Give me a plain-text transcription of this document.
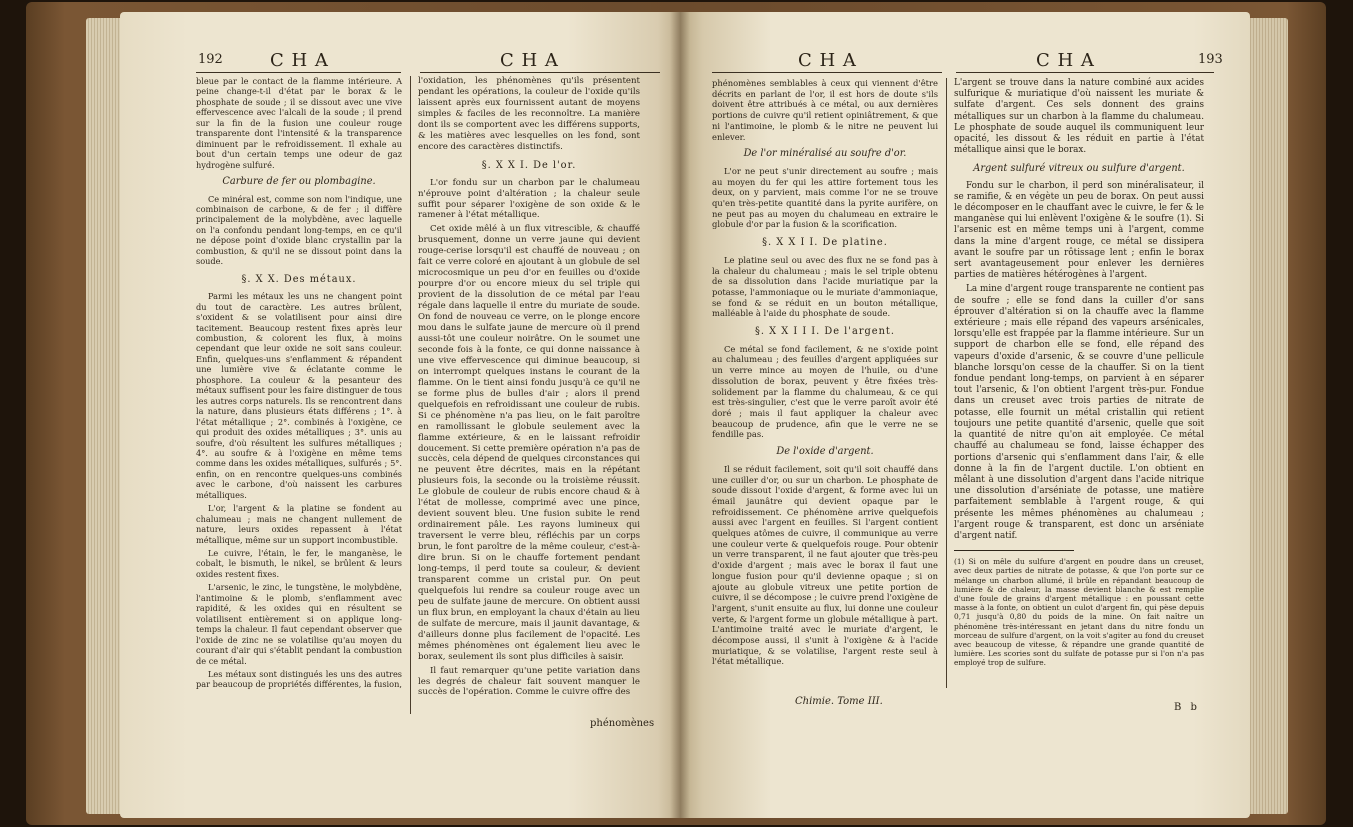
192	C H A	C H A

bleue par le contact de la flamme intérieure. A peine change-t-il d'état par le borax & le phosphate de soude ; il se dissout avec une vive effervescence avec l'alcali de la soude ; il prend sur la fin de la fusion une couleur rouge transparente dont l'intensité & la transparence diminuent par le refroidissement. Il exhale au bout d'un certain temps une odeur de gaz hydrogène sulfuré.

Carbure de fer ou plombagine.

Ce minéral est, comme son nom l'indique, une combinaison de carbone, & de fer ; il diffère principalement de la molybdène, avec laquelle on l'a confondu pendant long-temps, en ce qu'il ne dépose point d'oxide blanc crystallin par la combustion, & qu'il ne se dissout point dans la soude.

§. X X. Des métaux.

Parmi les métaux les uns ne changent point du tout de caractère. Les autres brûlent, s'oxident & se volatilisent pour ainsi dire tacitement. Beaucoup restent fixes après leur combustion, & colorent les flux, à moins cependant que leur oxide ne soit sans couleur. Enfin, quelques-uns s'enflamment & répandent une lumière vive & éclatante comme le phosphore. La couleur & la pesanteur des métaux suffisent pour les faire distinguer de tous les autres corps naturels. Ils se rencontrent dans la nature, dans plusieurs états différens ; 1°. à l'état métallique ; 2°. combinés à l'oxigène, ce qui produit des oxides métalliques ; 3°. unis au soufre, d'où résultent les sulfures métalliques ; 4°. au soufre & à l'oxigène en même tems comme dans les oxides métalliques, sulfurés ; 5°. enfin, on en rencontre quelques-uns combinés avec le carbone, d'où naissent les carbures métalliques.

L'or, l'argent & la platine se fondent au chalumeau ; mais ne changent nullement de nature, leurs oxides repassent à l'état métallique, même sur un support incombustible.

Le cuivre, l'étain, le fer, le manganèse, le cobalt, le bismuth, le nikel, se brûlent & leurs oxides restent fixes.

L'arsenic, le zinc, le tungstène, le molybdène, l'antimoine & le plomb, s'enflamment avec rapidité, & les oxides qui en résultent se volatilisent entièrement si on applique long-temps la chaleur. Il faut cependant observer que l'oxide de zinc ne se volatilise qu'au moyen du courant d'air qui s'établit pendant la combustion de ce métal.

Les métaux sont distingués les uns des autres par beaucoup de propriétés différentes, la fusion,

l'oxidation, les phénomènes qu'ils présentent pendant les opérations, la couleur de l'oxide qu'ils laissent après eux fournissent autant de moyens simples & faciles de les reconnoître. La manière dont ils se comportent avec les différens supports, & les matières avec lesquelles on les fond, sont encore des caractères distinctifs.

§. X X I. De l'or.

L'or fondu sur un charbon par le chalumeau n'éprouve point d'altération ; la chaleur seule suffit pour séparer l'oxigène de son oxide & le ramener à l'état métallique.

Cet oxide mêlé à un flux vitrescible, & chauffé brusquement, donne un verre jaune qui devient rouge-cerise lorsqu'il est chauffé de nouveau ; on fait ce verre coloré en ajoutant à un globule de sel microcosmique un peu d'or en feuilles ou d'oxide pourpre d'or ou encore mieux du sel triple qui provient de la dissolution de ce métal par l'eau régale dans laquelle il entre du muriate de soude. On fond de nouveau ce verre, on le plonge encore mou dans le sulfate jaune de mercure où il prend aussi-tôt une couleur noirâtre. On le soumet une seconde fois à la fonte, ce qui donne naissance à une vive effervescence qui diminue beaucoup, si on interrompt quelques instans le courant de la flamme. On le tient ainsi fondu jusqu'à ce qu'il ne se forme plus de bulles d'air ; alors il prend quelquefois en refroidissant une couleur de rubis. Si ce phénomène n'a pas lieu, on le fait paroître en ramollissant le globule seulement avec la flamme extérieure, & en le laissant refroidir doucement. Si cette première opération n'a pas de succès, cela dépend de quelques circonstances qui ne peuvent être décrites, mais en la répétant plusieurs fois, la seconde ou la troisième réussit. Le globule de couleur de rubis encore chaud & à l'état de mollesse, comprimé avec une pince, devient souvent bleu. Une fusion subite le rend ordinairement pâle. Les rayons lumineux qui traversent le verre bleu, réfléchis par un corps brun, le font paroître de la même couleur, c'est-à-dire brun. Si on le chauffe fortement pendant long-temps, il perd toute sa couleur, & devient transparent comme un cristal pur. On peut quelquefois lui rendre sa couleur rouge avec un peu de sulfate jaune de mercure. On obtient aussi un flux brun, en employant la chaux d'étain au lieu de sulfate de mercure, mais il jaunit davantage, & d'ailleurs donne plus facilement de l'opacité. Les mêmes phénomènes ont également lieu avec le borax, seulement ils sont plus difficiles à saisir.

Il faut remarquer qu'une petite variation dans les degrés de chaleur fait souvent manquer le succès de l'opération. Comme le cuivre offre des

phénomènes
C H A	C H A	193

phénomènes semblables à ceux qui viennent d'être décrits en parlant de l'or, il est hors de doute s'ils doivent être attribués à ce métal, ou aux dernières portions de cuivre qu'il retient opiniâtrement, & que ni l'antimoine, le plomb & le nitre ne peuvent lui enlever.

De l'or minéralisé au soufre d'or.

L'or ne peut s'unir directement au soufre ; mais au moyen du fer qui les attire fortement tous les deux, on y parvient, mais comme l'or ne se trouve qu'en très-petite quantité dans la pyrite aurifère, on ne peut pas au moyen du chalumeau en extraire le globule d'or par la fusion & la scorification.

§. X X I I. De platine.

Le platine seul ou avec des flux ne se fond pas à la chaleur du chalumeau ; mais le sel triple obtenu de sa dissolution dans l'acide muriatique par la potasse, l'ammoniaque ou le muriate d'ammoniaque, se fond & se réduit en un bouton métallique, malléable à l'aide du phosphate de soude.

§. X X I I I. De l'argent.

Ce métal se fond facilement, & ne s'oxide point au chalumeau ; des feuilles d'argent appliquées sur un verre mince au moyen de l'huile, ou d'une dissolution de borax, peuvent y être fixées très-solidement par la flamme du chalumeau, & ce qui est très-singulier, c'est que le verre paroît avoir été doré ; mais il faut appliquer la chaleur avec beaucoup de prudence, afin que le verre ne se fendille pas.

De l'oxide d'argent.

Il se réduit facilement, soit qu'il soit chauffé dans une cuiller d'or, ou sur un charbon. Le phosphate de soude dissout l'oxide d'argent, & forme avec lui un émail jaunâtre qui devient opaque par le refroidissement. Ce phénomène arrive quelquefois aussi avec l'argent en feuilles. Si l'argent contient quelques atômes de cuivre, il communique au verre une couleur verte & quelquefois rouge. Pour obtenir un verre transparent, il ne faut ajouter que très-peu d'oxide d'argent ; mais avec le borax il faut une longue fusion pour qu'il devienne opaque ; si on ajoute au globule vitreux une petite portion de cuivre, il se décompose ; le cuivre prend l'oxigène de l'argent, s'unit ensuite au flux, lui donne une couleur verte, & l'argent forme un globule métallique à part. L'antimoine traité avec le muriate d'argent, le décompose aussi, il s'unit à l'oxigène & à l'acide muriatique, & se volatilise, l'argent reste seul à l'état métallique.

L'argent se trouve dans la nature combiné aux acides sulfurique & muriatique d'où naissent les muriate & sulfate d'argent. Ces sels donnent des grains métalliques sur un charbon à la flamme du chalumeau. Le phosphate de soude auquel ils communiquent leur opacité, les dissout & les réduit en partie à l'état métallique ainsi que le borax.

Argent sulfuré vitreux ou sulfure d'argent.

Fondu sur le charbon, il perd son minéralisateur, il se ramifie, & en végète un peu de borax. On peut aussi le décomposer en le chauffant avec le cuivre, le fer & le manganèse qui lui enlèvent l'oxigène & le soufre (1). Si l'arsenic est en même temps uni à l'argent, comme dans la mine d'argent rouge, ce métal se dissipera avant le soufre par un rôtissage lent ; enfin le borax sert avantageusement pour enlever les dernières parties de matières hétérogènes à l'argent.

La mine d'argent rouge transparente ne contient pas de soufre ; elle se fond dans la cuiller d'or sans éprouver d'altération si on la chauffe avec la flamme extérieure ; mais elle répand des vapeurs arsénicales, lorsqu'elle est frappée par la flamme intérieure. Sur un support de charbon elle se fond, elle répand des vapeurs d'oxide d'arsenic, & se couvre d'une pellicule blanche lorsqu'on cesse de la chauffer. Si on la tient fondue pendant long-temps, on parvient à en séparer tout l'arsenic, & l'on obtient l'argent très-pur. Fondue dans un creuset avec trois parties de nitrate de potasse, elle fournit un métal cristallin qui retient toujours une petite quantité d'arsenic, quelle que soit la quantité de nitre qu'on ait employée. Ce métal chauffé au chalumeau se fond, laisse échapper des portions d'arsenic qui s'enflamment dans l'air, & elle donne à la fin de l'argent ductile. L'on obtient en mêlant à une dissolution d'argent dans l'acide nitrique une dissolution d'arséniate de potasse, une matière parfaitement semblable à l'argent rouge, & qui présente les mêmes phénomènes au chalumeau ; l'argent rouge & transparent, est donc un arséniate d'argent natif.

(1) Si on mêle du sulfure d'argent en poudre dans un creuset, avec deux parties de nitrate de potasse, & que l'on porte sur ce mélange un charbon allumé, il brûle en répandant beaucoup de lumière & de chaleur, la masse devient blanche & est remplie d'une foule de grains d'argent métallique : en poussant cette masse à la fonte, on obtient un culot d'argent fin, qui pèse depuis 0,71 jusqu'à 0,80 du poids de la mine. On fait naître un phénomène très-intéressant en jetant dans du nitre fondu un morceau de sulfure d'argent, on la voit s'agiter au fond du creuset avec beaucoup de vitesse, & répandre une grande quantité de lumière. Les scories sont du sulfate de potasse pur si l'on n'a pas employé trop de sulfure.
Chimie. Tome III.
B b
